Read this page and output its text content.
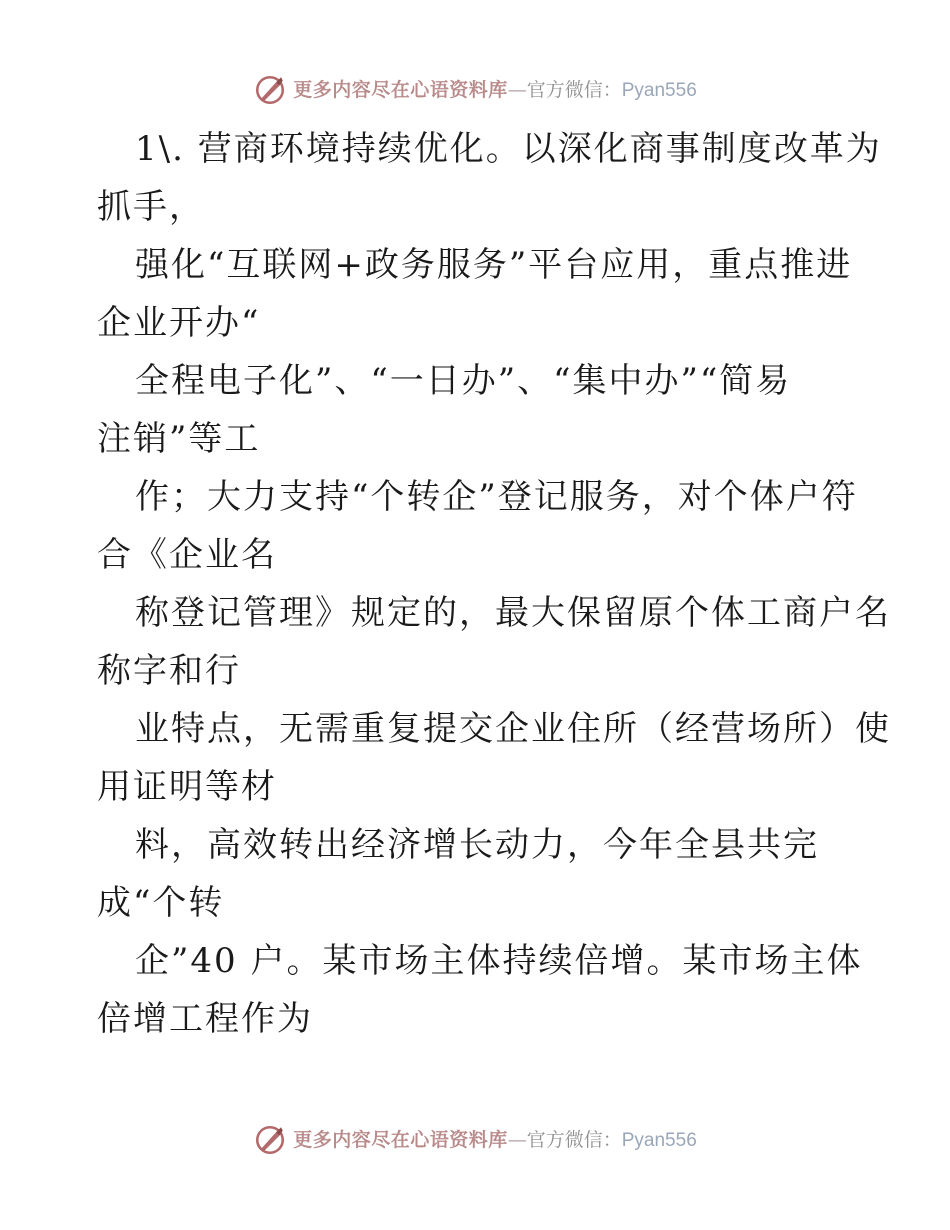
更多内容尽在心语资料库—官方微信：Pyan556
1\. 营商环境持续优化。以深化商事制度改革为
抓手，
强化“互联网+政务服务”平台应用，重点推进
企业开办“
全程电子化”、“一日办”、“集中办”“简易
注销”等工
作；大力支持“个转企”登记服务，对个体户符
合《企业名
称登记管理》规定的，最大保留原个体工商户名
称字和行
业特点，无需重复提交企业住所（经营场所）使
用证明等材
料，高效转出经济增长动力，今年全县共完
成“个转
企”40 户。某市场主体持续倍增。某市场主体
倍增工程作为
更多内容尽在心语资料库—官方微信：Pyan556
